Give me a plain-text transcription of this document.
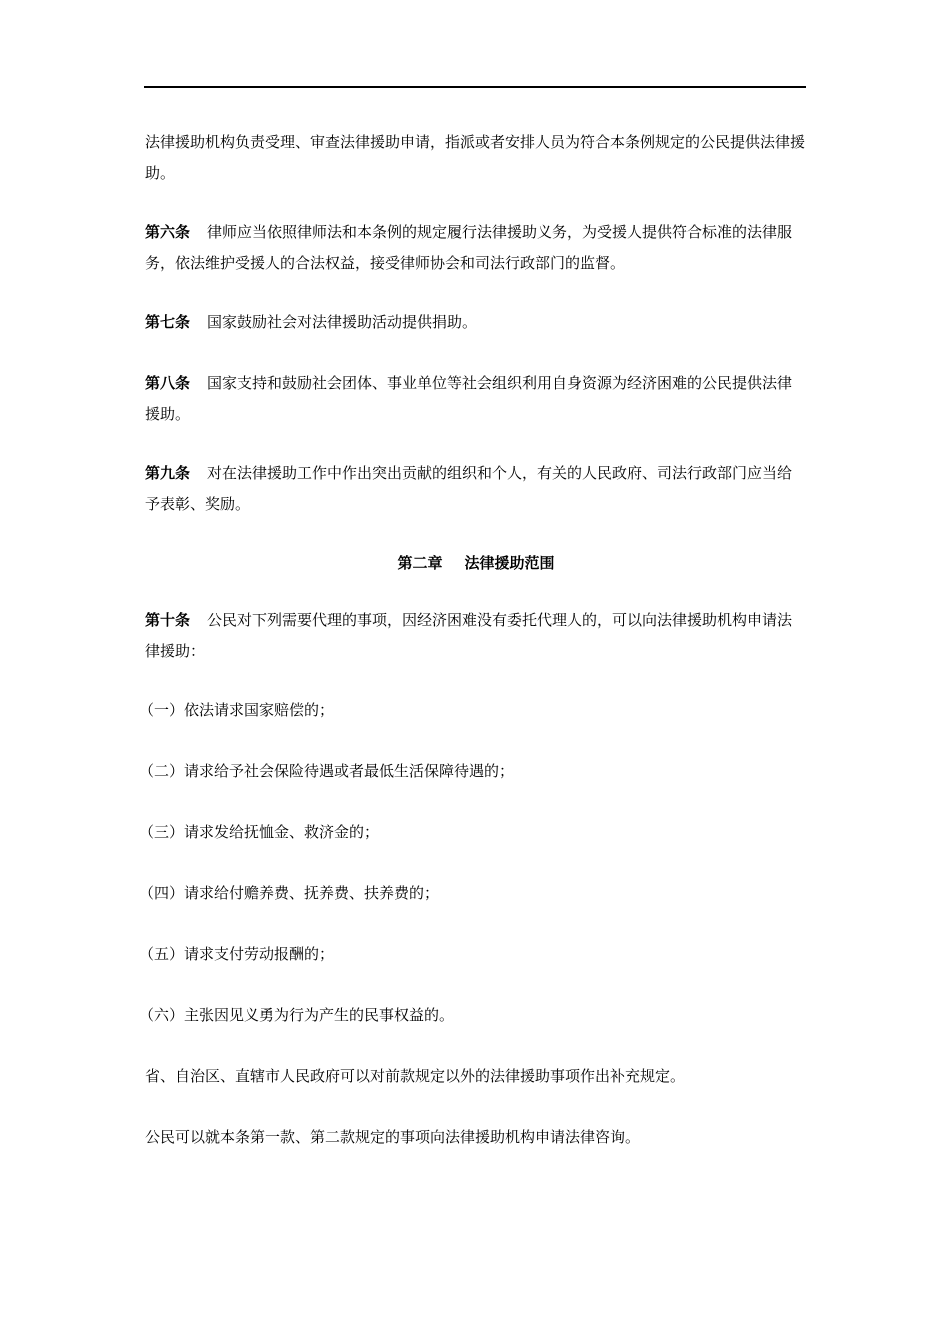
法律援助机构负责受理、审查法律援助申请，指派或者安排人员为符合本条例规定的公民提供法律援助。

第六条 律师应当依照律师法和本条例的规定履行法律援助义务，为受援人提供符合标准的法律服务，依法维护受援人的合法权益，接受律师协会和司法行政部门的监督。

第七条 国家鼓励社会对法律援助活动提供捐助。

第八条 国家支持和鼓励社会团体、事业单位等社会组织利用自身资源为经济困难的公民提供法律援助。

第九条 对在法律援助工作中作出突出贡献的组织和个人，有关的人民政府、司法行政部门应当给予表彰、奖励。

第二章 法律援助范围

第十条 公民对下列需要代理的事项，因经济困难没有委托代理人的，可以向法律援助机构申请法律援助：

（一）依法请求国家赔偿的；

（二）请求给予社会保险待遇或者最低生活保障待遇的；

（三）请求发给抚恤金、救济金的；

（四）请求给付赡养费、抚养费、扶养费的；

（五）请求支付劳动报酬的；

（六）主张因见义勇为行为产生的民事权益的。

省、自治区、直辖市人民政府可以对前款规定以外的法律援助事项作出补充规定。

公民可以就本条第一款、第二款规定的事项向法律援助机构申请法律咨询。
